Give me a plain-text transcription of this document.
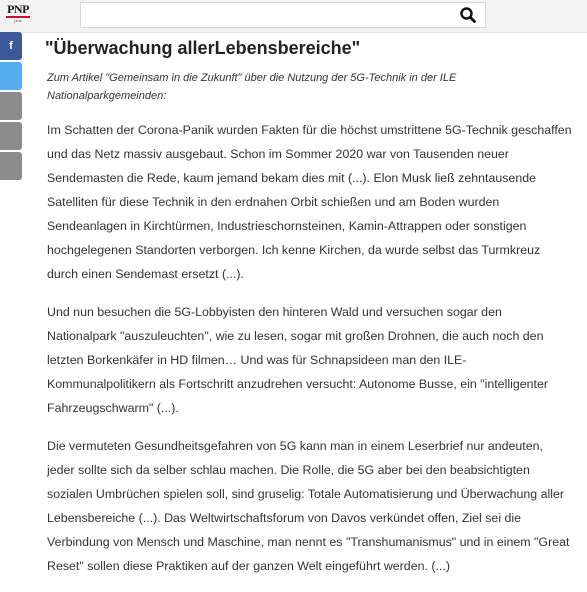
PNP
plus
f "Überwachung allerLebensbereiche"

Zum Artikel "Gemeinsam in die Zukunft" über die Nutzung der 5G-Technik in der ILE Nationalparkgemeinden:

Im Schatten der Corona-Panik wurden Fakten für die höchst umstrittene 5G-Technik geschaffen und das Netz massiv ausgebaut. Schon im Sommer 2020 war von Tausenden neuer Sendemasten die Rede, kaum jemand bekam dies mit (...). Elon Musk ließ zehntausende Satelliten für diese Technik in den erdnahen Orbit schießen und am Boden wurden Sendeanlagen in Kirchtürmen, Industrieschornsteinen, Kamin-Attrappen oder sonstigen hochgelegenen Standorten verborgen. Ich kenne Kirchen, da wurde selbst das Turmkreuz durch einen Sendemast ersetzt (...).

Und nun besuchen die 5G-Lobbyisten den hinteren Wald und versuchen sogar den Nationalpark "auszuleuchten", wie zu lesen, sogar mit großen Drohnen, die auch noch den letzten Borkenkäfer in HD filmen… Und was für Schnapsideen man den ILE-Kommunalpolitikern als Fortschritt anzudrehen versucht: Autonome Busse, ein "intelligenter Fahrzeugschwarm" (...).

Die vermuteten Gesundheitsgefahren von 5G kann man in einem Leserbrief nur andeuten, jeder sollte sich da selber schlau machen. Die Rolle, die 5G aber bei den beabsichtigten sozialen Umbrüchen spielen soll, sind gruselig: Totale Automatisierung und Überwachung aller Lebensbereiche (...). Das Weltwirtschaftsforum von Davos verkündet offen, Ziel sei die Verbindung von Mensch und Maschine, man nennt es "Transhumanismus" und in einem "Great Reset" sollen diese Praktiken auf der ganzen Welt eingeführt werden. (...)
